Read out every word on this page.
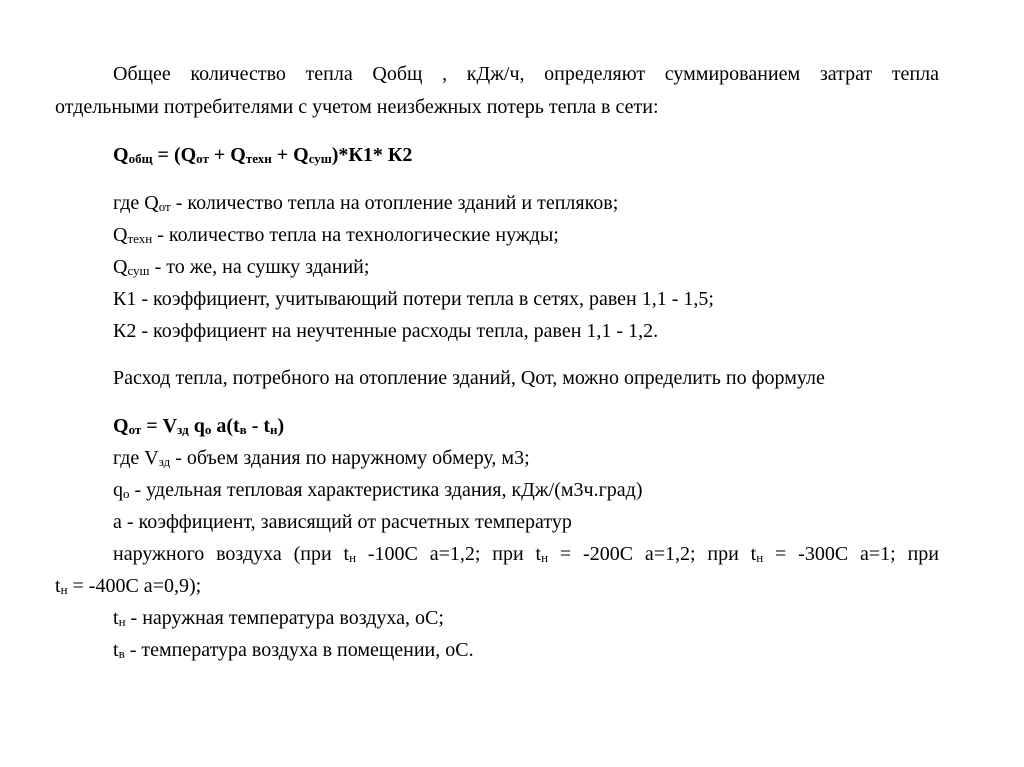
Общее количество тепла Qобщ , кДж/ч, определяют суммированием затрат тепла
отдельными потребителями с учетом неизбежных потерь тепла в сети:
Qобщ = (Qот + Qтехн + Qсуш)*К1* К2
где Qот - количество тепла на отопление зданий и тепляков;
Qтехн - количество тепла на технологические нужды;
Qсуш - то же, на сушку зданий;
К1 - коэффициент, учитывающий потери тепла в сетях, равен 1,1 - 1,5;
К2 - коэффициент на неучтенные расходы тепла, равен 1,1 - 1,2.
Расход тепла, потребного на отопление зданий, Qот, можно определить по формуле
Qот = Vзд qо a(tв - tн)
где Vзд - объем здания по наружному обмеру, м3;
qо - удельная тепловая характеристика здания, кДж/(м3ч.град)
а - коэффициент, зависящий от расчетных температур
наружного воздуха (при tн -100С а=1,2; при tн = -200С а=1,2; при tн = -300С а=1; при
tн = -400С а=0,9);
tн - наружная температура воздуха, оС;
tв - температура воздуха в помещении, оС.
